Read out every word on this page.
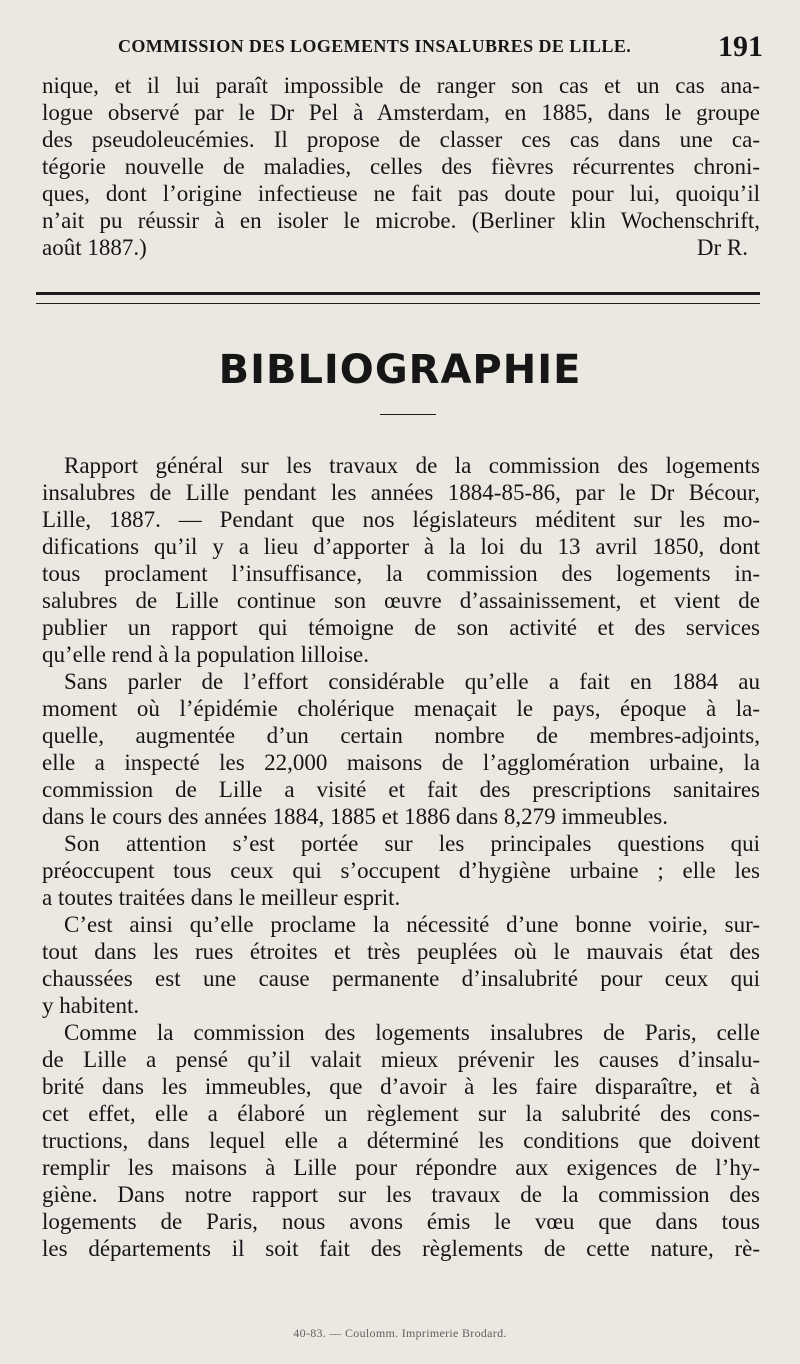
COMMISSION DES LOGEMENTS INSALUBRES DE LILLE.	191
nique, et il lui paraît impossible de ranger son cas et un cas ana-
logue observé par le Dr Pel à Amsterdam, en 1885, dans le groupe
des pseudoleucémies. Il propose de classer ces cas dans une ca-
tégorie nouvelle de maladies, celles des fièvres récurrentes chroni-
ques, dont l’origine infectieuse ne fait pas doute pour lui, quoiqu’il
n’ait pu réussir à en isoler le microbe. (Berliner klin Wochenschrift,
août 1887.)	Dr R.
BIBLIOGRAPHIE
Rapport général sur les travaux de la commission des logements
insalubres de Lille pendant les années 1884-85-86, par le Dr Bécour,
Lille, 1887. — Pendant que nos législateurs méditent sur les mo-
difications qu’il y a lieu d’apporter à la loi du 13 avril 1850, dont
tous proclament l’insuffisance, la commission des logements in-
salubres de Lille continue son œuvre d’assainissement, et vient de
publier un rapport qui témoigne de son activité et des services
qu’elle rend à la population lilloise.
Sans parler de l’effort considérable qu’elle a fait en 1884 au
moment où l’épidémie cholérique menaçait le pays, époque à la-
quelle, augmentée d’un certain nombre de membres-adjoints,
elle a inspecté les 22,000 maisons de l’agglomération urbaine, la
commission de Lille a visité et fait des prescriptions sanitaires
dans le cours des années 1884, 1885 et 1886 dans 8,279 immeubles.
Son attention s’est portée sur les principales questions qui
préoccupent tous ceux qui s’occupent d’hygiène urbaine ; elle les
a toutes traitées dans le meilleur esprit.
C’est ainsi qu’elle proclame la nécessité d’une bonne voirie, sur-
tout dans les rues étroites et très peuplées où le mauvais état des
chaussées est une cause permanente d’insalubrité pour ceux qui
y habitent.
Comme la commission des logements insalubres de Paris, celle
de Lille a pensé qu’il valait mieux prévenir les causes d’insalu-
brité dans les immeubles, que d’avoir à les faire disparaître, et à
cet effet, elle a élaboré un règlement sur la salubrité des cons-
tructions, dans lequel elle a déterminé les conditions que doivent
remplir les maisons à Lille pour répondre aux exigences de l’hy-
giène. Dans notre rapport sur les travaux de la commission des
logements de Paris, nous avons émis le vœu que dans tous
les départements il soit fait des règlements de cette nature, rè-
40-83. — Coulomm. Imprimerie Brodard.
